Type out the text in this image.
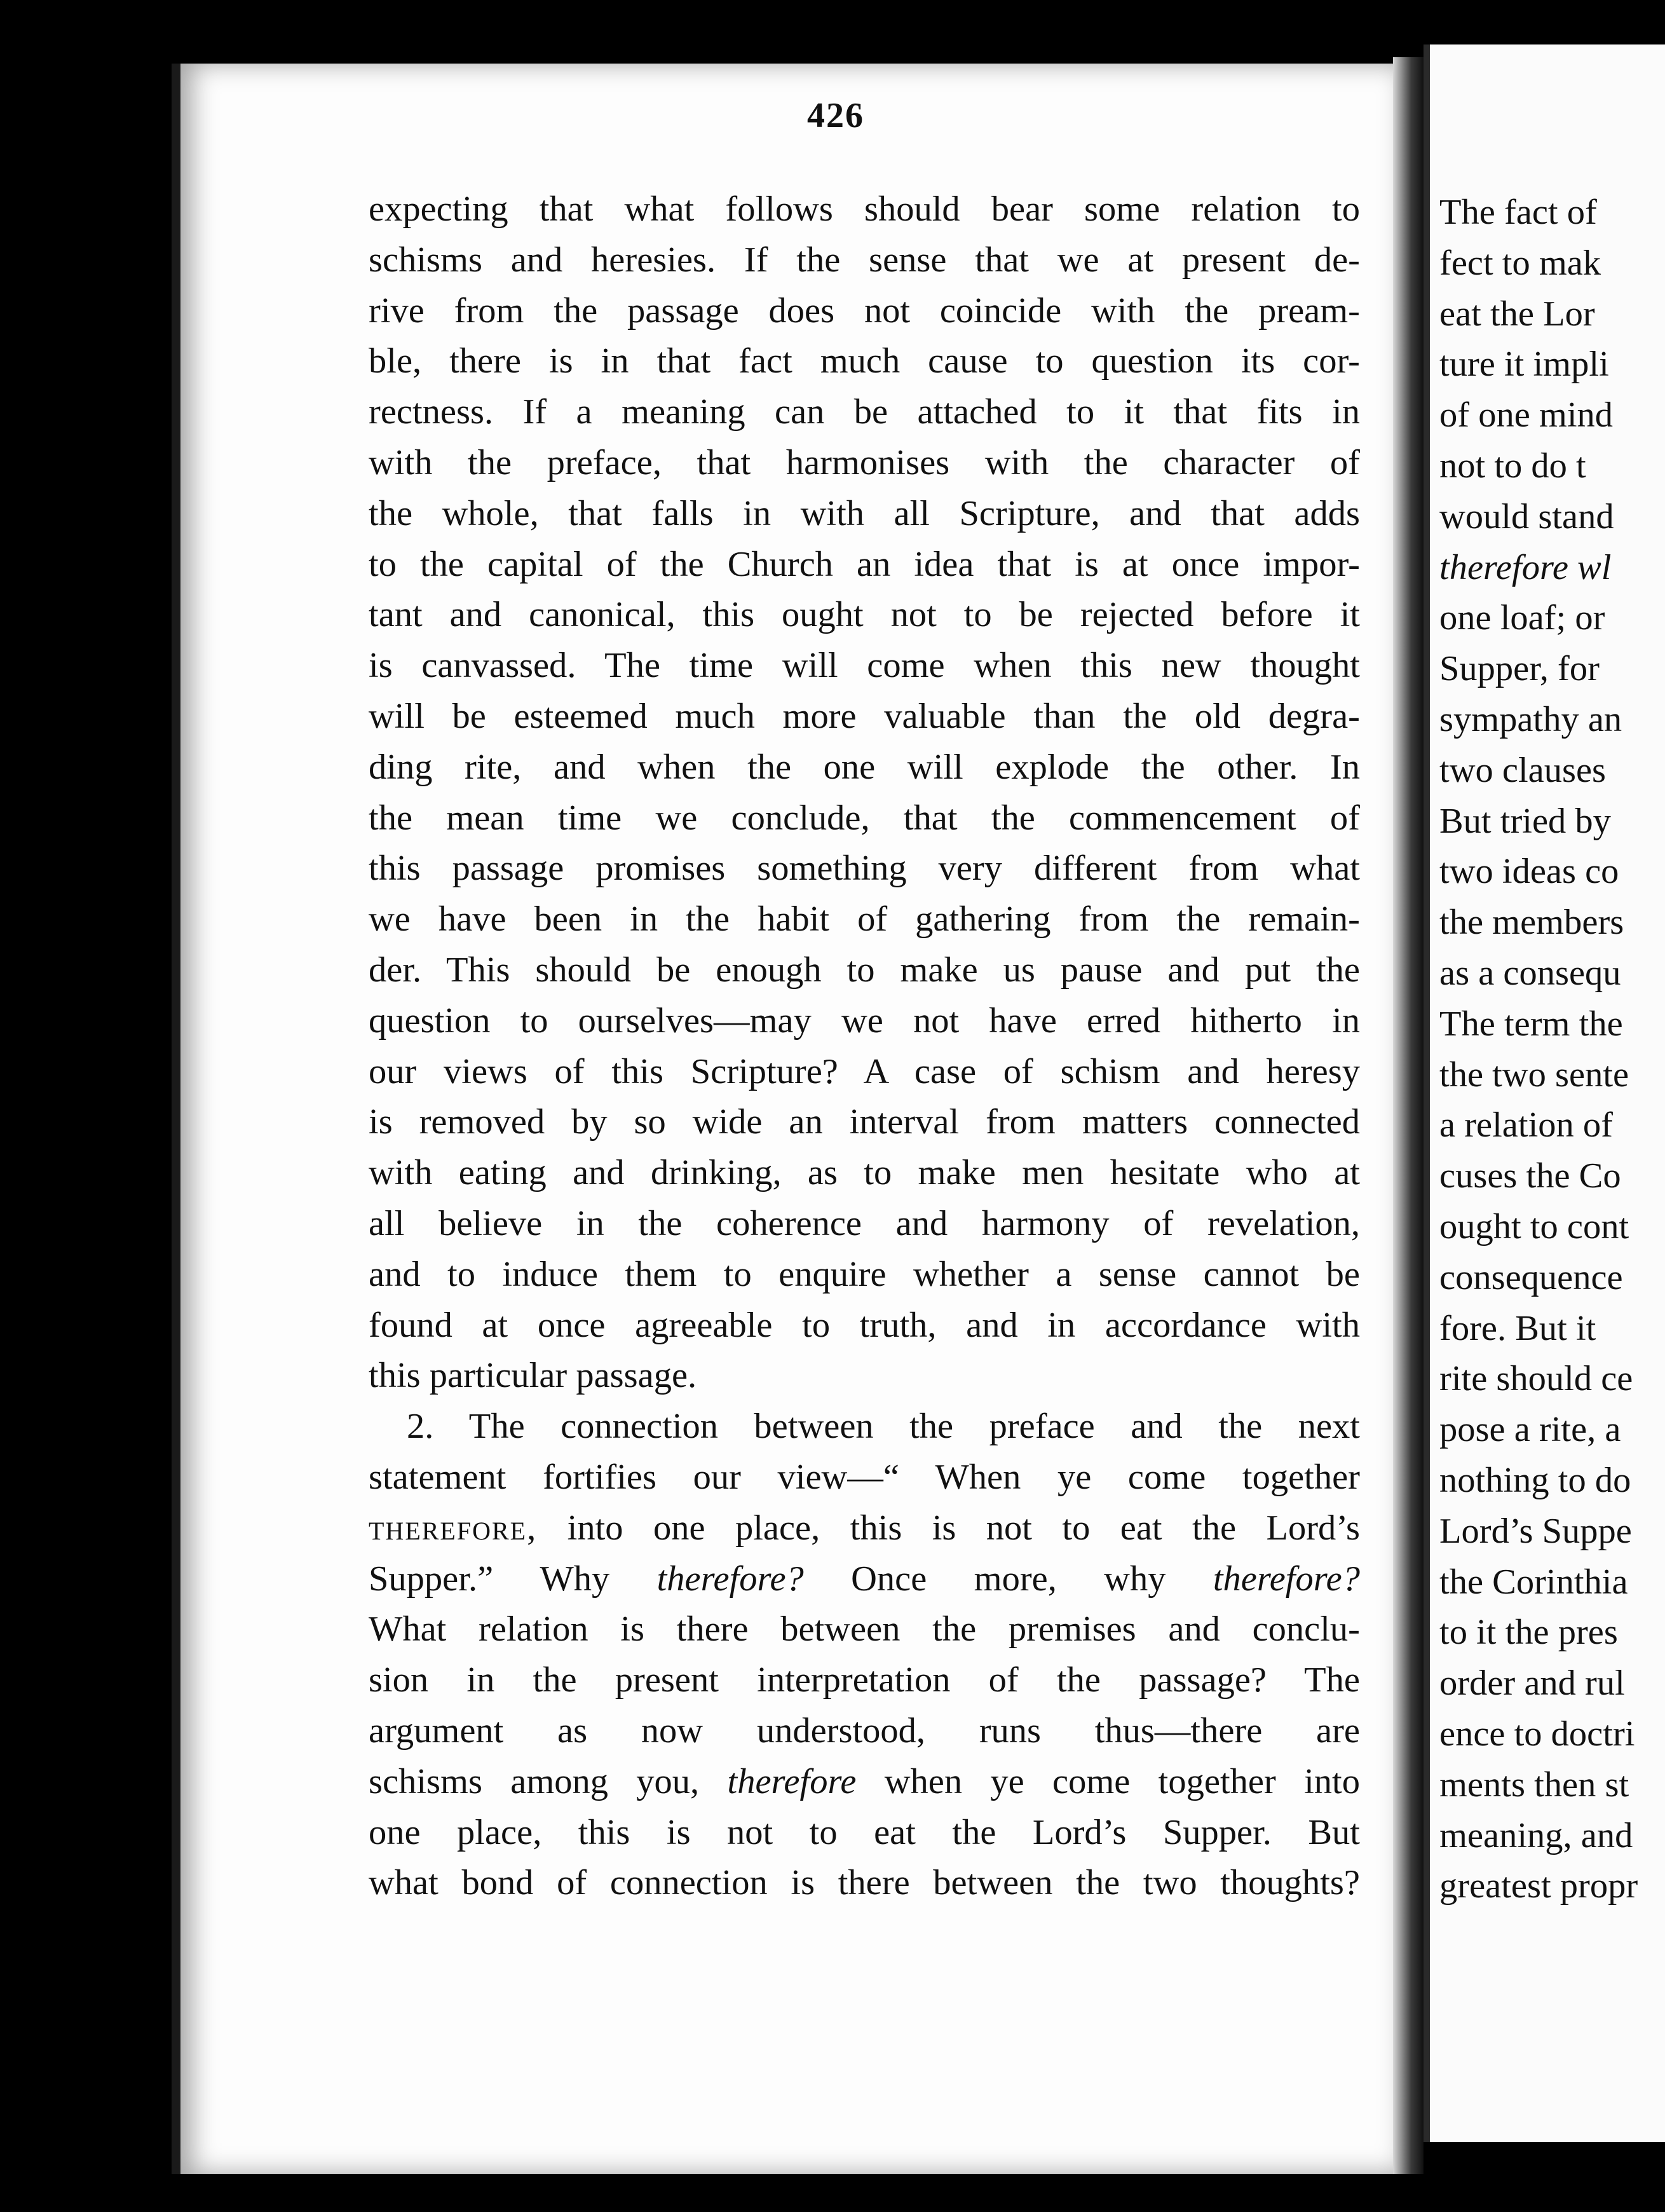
426
expecting that what follows should bear some relation to
schisms and heresies. If the sense that we at present de-
rive from the passage does not coincide with the pream-
ble, there is in that fact much cause to question its cor-
rectness. If a meaning can be attached to it that fits in
with the preface, that harmonises with the character of
the whole, that falls in with all Scripture, and that adds
to the capital of the Church an idea that is at once impor-
tant and canonical, this ought not to be rejected before it
is canvassed. The time will come when this new thought
will be esteemed much more valuable than the old degra-
ding rite, and when the one will explode the other. In
the mean time we conclude, that the commencement of
this passage promises something very different from what
we have been in the habit of gathering from the remain-
der. This should be enough to make us pause and put the
question to ourselves—may we not have erred hitherto in
our views of this Scripture? A case of schism and heresy
is removed by so wide an interval from matters connected
with eating and drinking, as to make men hesitate who at
all believe in the coherence and harmony of revelation,
and to induce them to enquire whether a sense cannot be
found at once agreeable to truth, and in accordance with
this particular passage.
2. The connection between the preface and the next
statement fortifies our view—“ When ye come together
therefore, into one place, this is not to eat the Lord’s
Supper.” Why therefore? Once more, why therefore?
What relation is there between the premises and conclu-
sion in the present interpretation of the passage? The
argument as now understood, runs thus—there are
schisms among you, therefore when ye come together into
one place, this is not to eat the Lord’s Supper. But
what bond of connection is there between the two thoughts?
The fact of
fect to mak
eat the Lor
ture it impli
of one mind
not to do t
would stand
therefore wl
one loaf; or
Supper, for
sympathy an
two clauses
But tried by
two ideas co
the members
as a consequ
The term the
the two sente
a relation of
cuses the Co
ought to cont
consequence
fore. But it
rite should ce
pose a rite, a
nothing to do
Lord’s Suppe
the Corinthia
to it the pres
order and rul
ence to doctri
ments then st
meaning, and
greatest propr
